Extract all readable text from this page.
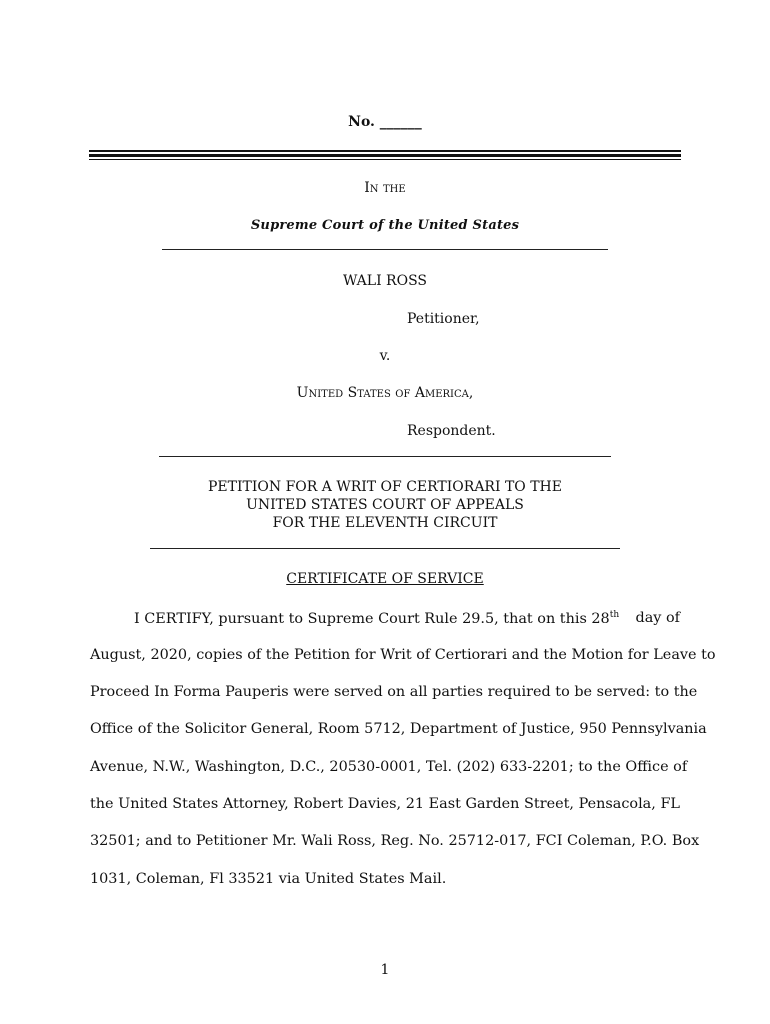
No. ______
In the
Supreme Court of the United States
WALI ROSS
Petitioner,
v.
United States of America,
Respondent.
PETITION FOR A WRIT OF CERTIORARI TO THE
UNITED STATES COURT OF APPEALS
FOR THE ELEVENTH CIRCUIT
CERTIFICATE OF SERVICE
I CERTIFY, pursuant to Supreme Court Rule 29.5, that on this 28th day of
August, 2020, copies of the Petition for Writ of Certiorari and the Motion for Leave to
Proceed In Forma Pauperis were served on all parties required to be served: to the
Office of the Solicitor General, Room 5712, Department of Justice, 950 Pennsylvania
Avenue, N.W., Washington, D.C., 20530-0001, Tel. (202) 633-2201; to the Office of
the United States Attorney, Robert Davies, 21 East Garden Street, Pensacola, FL
32501; and to Petitioner Mr. Wali Ross, Reg. No. 25712-017, FCI Coleman, P.O. Box
1031, Coleman, Fl 33521 via United States Mail.
1
